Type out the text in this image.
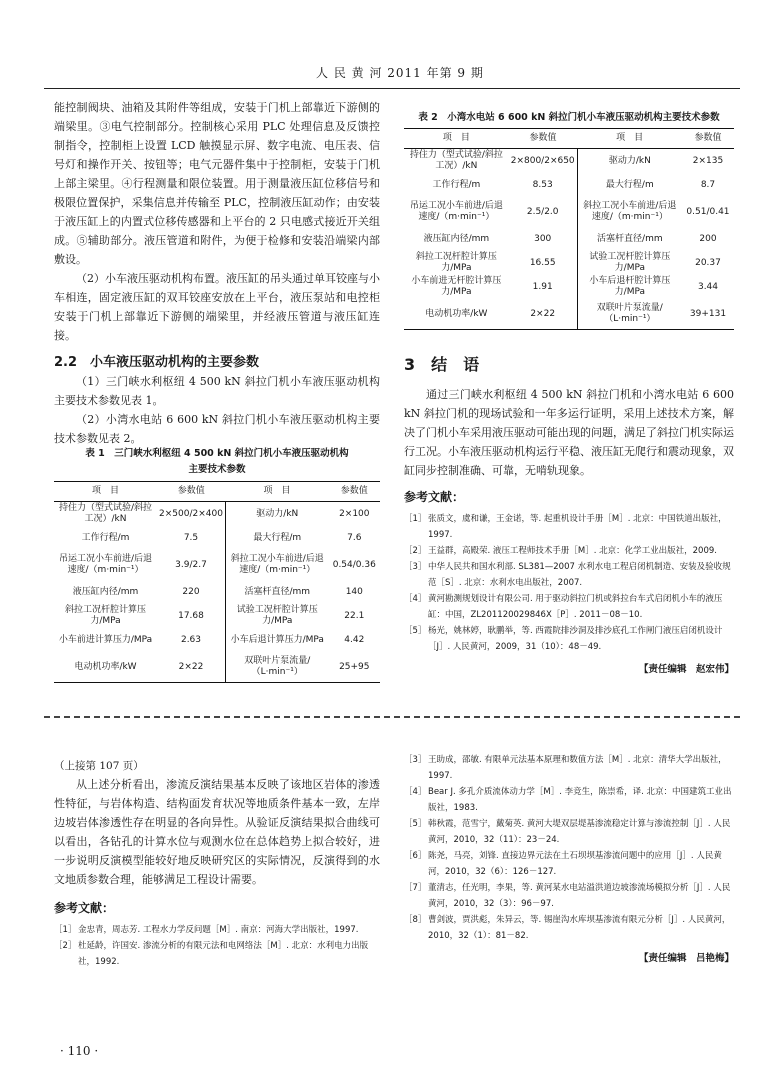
人 民 黄 河 2011 年第 9 期

能控制阀块、油箱及其附件等组成，安装于门机上部靠近下游侧的端梁里。③电气控制部分。控制核心采用 PLC 处理信息及反馈控制指令，控制柜上设置 LCD 触摸显示屏、数字电流、电压表、信号灯和操作开关、按钮等；电气元器件集中于控制柜，安装于门机上部主梁里。④行程测量和限位装置。用于测量液压缸位移信号和极限位置保护，采集信息并传输至 PLC，控制液压缸动作；由安装于液压缸上的内置式位移传感器和上平台的 2 只电感式接近开关组成。⑤辅助部分。液压管道和附件，为便于检修和安装沿端梁内部敷设。

（2）小车液压驱动机构布置。液压缸的吊头通过单耳铰座与小车相连，固定液压缸的双耳铰座安放在上平台，液压泵站和电控柜安装于门机上部靠近下游侧的端梁里，并经液压管道与液压缸连接。

2.2　小车液压驱动机构的主要参数

（1）三门峡水利枢纽 4 500 kN 斜拉门机小车液压驱动机构主要技术参数见表 1。

（2）小湾水电站 6 600 kN 斜拉门机小车液压驱动机构主要技术参数见表 2。

表 1　三门峡水利枢纽 4 500 kN 斜拉门机小车液压驱动机构
主要技术参数
项　目	参数值	项　目	参数值
持住力（型式试验/斜拉工况）/kN	2×500/2×400	驱动力/kN	2×100
工作行程/m	7.5	最大行程/m	7.6
吊运工况小车前进/后退速度/（m·min⁻¹）	3.9/2.7	斜拉工况小车前进/后退速度/（m·min⁻¹）	0.54/0.36
液压缸内径/mm	220	活塞杆直径/mm	140
斜拉工况杆腔计算压力/MPa	17.68	试验工况杆腔计算压力/MPa	22.1
小车前进计算压力/MPa	2.63	小车后退计算压力/MPa	4.42
电动机功率/kW	2×22	双联叶片泵流量/（L·min⁻¹）	25+95
表 2　小湾水电站 6 600 kN 斜拉门机小车液压驱动机构主要技术参数
项　目	参数值	项　目	参数值
持住力（型式试验/斜拉工况）/kN	2×800/2×650	驱动力/kN	2×135
工作行程/m	8.53	最大行程/m	8.7
吊运工况小车前进/后退速度/（m·min⁻¹）	2.5/2.0	斜拉工况小车前进/后退速度/（m·min⁻¹）	0.51/0.41
液压缸内径/mm	300	活塞杆直径/mm	200
斜拉工况杆腔计算压力/MPa	16.55	试验工况杆腔计算压力/MPa	20.37
小车前进无杆腔计算压力/MPa	1.91	小车后退杆腔计算压力/MPa	3.44
电动机功率/kW	2×22	双联叶片泵流量/（L·min⁻¹）	39+131
3　结　语

通过三门峡水利枢纽 4 500 kN 斜拉门机和小湾水电站 6 600 kN 斜拉门机的现场试验和一年多运行证明，采用上述技术方案，解决了门机小车采用液压驱动可能出现的问题，满足了斜拉门机实际运行工况。小车液压驱动机构运行平稳、液压缸无爬行和震动现象，双缸同步控制准确、可靠，无啃轨现象。

参考文献：
［1］ 张质文，虞和谦，王金诺，等. 起重机设计手册［M］. 北京：中国铁道出版社，1997.
［2］ 王益群，高殿荣. 液压工程师技术手册［M］. 北京：化学工业出版社，2009.
［3］ 中华人民共和国水利部. SL381—2007 水利水电工程启闭机制造、安装及验收规范［S］. 北京：水利水电出版社，2007.
［4］ 黄河勘测规划设计有限公司. 用于驱动斜拉门机或斜拉台车式启闭机小车的液压缸：中国，ZL201120029846X［P］. 2011－08－10.
［5］ 杨光，姚林婷，耿鹏举，等. 西霞院排沙洞及排沙底孔工作闸门液压启闭机设计［J］. 人民黄河，2009，31（10）：48－49.
【责任编辑　赵宏伟】
（上接第 107 页）

从上述分析看出，渗流反演结果基本反映了该地区岩体的渗透性特征，与岩体构造、结构面发育状况等地质条件基本一致，左岸边坡岩体渗透性存在明显的各向异性。从验证反演结果拟合曲线可以看出，各钻孔的计算水位与观测水位在总体趋势上拟合较好，进一步说明反演模型能较好地反映研究区的实际情况，反演得到的水文地质参数合理，能够满足工程设计需要。

参考文献：
［1］ 金忠青，周志芳. 工程水力学反问题［M］. 南京：河海大学出版社，1997.
［2］ 杜延龄，许国安. 渗流分析的有限元法和电网络法［M］. 北京：水利电力出版社，1992.
［3］ 王助成，邵敏. 有限单元法基本原理和数值方法［M］. 北京：清华大学出版社，1997.
［4］ Bear J. 多孔介质流体动力学［M］. 李竞生，陈崇希，译. 北京：中国建筑工业出版社，1983.
［5］ 韩秋霞，范雪宁，戴菊英. 黄河大堤双层堤基渗流稳定计算与渗流控制［J］. 人民黄河，2010，32（11）：23－24.
［6］ 陈尧，马亮，刘锋. 直接边界元法在土石坝坝基渗流问题中的应用［J］. 人民黄河，2010，32（6）：126－127.
［7］ 董清志，任光明，李果，等. 黄河某水电站溢洪道边坡渗流场模拟分析［J］. 人民黄河，2010，32（3）：96－97.
［8］ 曹剑波，贾洪彪，朱异云，等. 锡崖沟水库坝基渗流有限元分析［J］. 人民黄河，2010，32（1）：81－82.
【责任编辑　吕艳梅】
· 110 ·
